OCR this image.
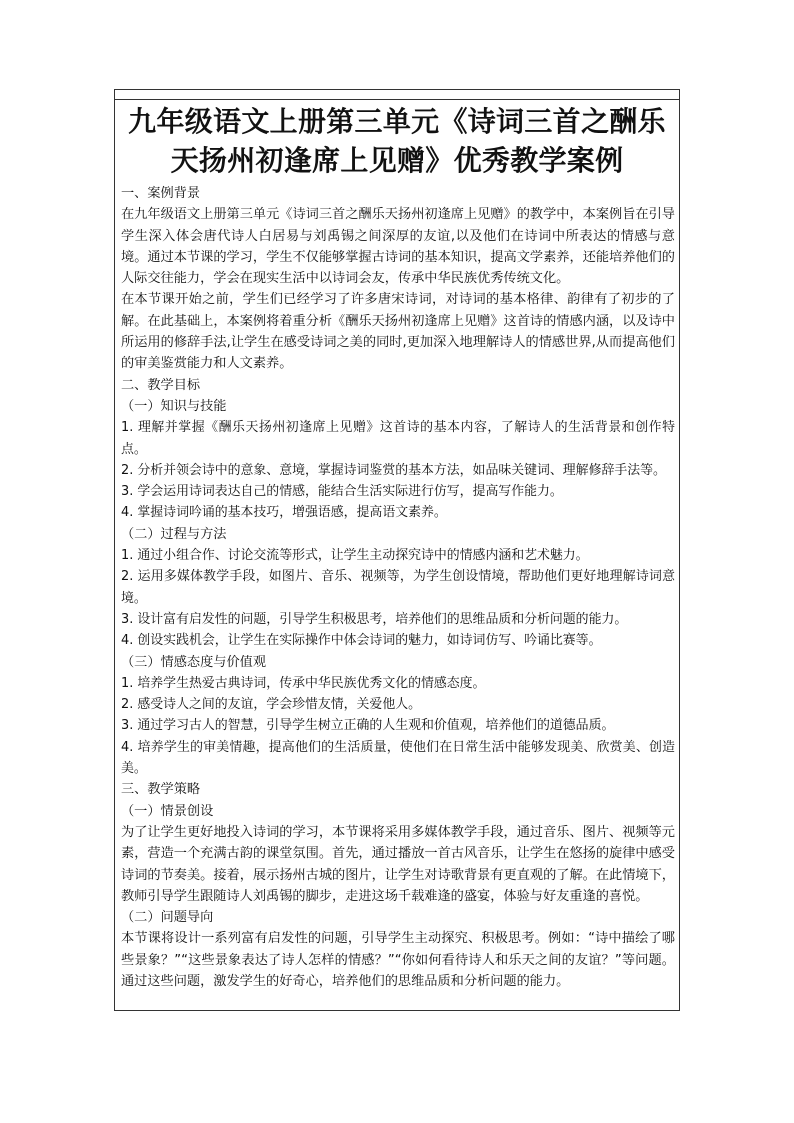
九年级语文上册第三单元《诗词三首之酬乐
天扬州初逢席上见赠》优秀教学案例

一、案例背景

在九年级语文上册第三单元《诗词三首之酬乐天扬州初逢席上见赠》的教学中，本案例旨在引导学生深入体会唐代诗人白居易与刘禹锡之间深厚的友谊,以及他们在诗词中所表达的情感与意境。通过本节课的学习，学生不仅能够掌握古诗词的基本知识，提高文学素养，还能培养他们的人际交往能力，学会在现实生活中以诗词会友，传承中华民族优秀传统文化。

在本节课开始之前，学生们已经学习了许多唐宋诗词，对诗词的基本格律、韵律有了初步的了解。在此基础上，本案例将着重分析《酬乐天扬州初逢席上见赠》这首诗的情感内涵，以及诗中所运用的修辞手法,让学生在感受诗词之美的同时,更加深入地理解诗人的情感世界,从而提高他们的审美鉴赏能力和人文素养。

二、教学目标

（一）知识与技能

1. 理解并掌握《酬乐天扬州初逢席上见赠》这首诗的基本内容，了解诗人的生活背景和创作特点。

2. 分析并领会诗中的意象、意境，掌握诗词鉴赏的基本方法，如品味关键词、理解修辞手法等。

3. 学会运用诗词表达自己的情感，能结合生活实际进行仿写，提高写作能力。

4. 掌握诗词吟诵的基本技巧，增强语感，提高语文素养。

（二）过程与方法

1. 通过小组合作、讨论交流等形式，让学生主动探究诗中的情感内涵和艺术魅力。

2. 运用多媒体教学手段，如图片、音乐、视频等，为学生创设情境，帮助他们更好地理解诗词意境。

3. 设计富有启发性的问题，引导学生积极思考，培养他们的思维品质和分析问题的能力。

4. 创设实践机会，让学生在实际操作中体会诗词的魅力，如诗词仿写、吟诵比赛等。

（三）情感态度与价值观

1. 培养学生热爱古典诗词，传承中华民族优秀文化的情感态度。

2. 感受诗人之间的友谊，学会珍惜友情，关爱他人。

3. 通过学习古人的智慧，引导学生树立正确的人生观和价值观，培养他们的道德品质。

4. 培养学生的审美情趣，提高他们的生活质量，使他们在日常生活中能够发现美、欣赏美、创造美。

三、教学策略

（一）情景创设

为了让学生更好地投入诗词的学习，本节课将采用多媒体教学手段，通过音乐、图片、视频等元素，营造一个充满古韵的课堂氛围。首先，通过播放一首古风音乐，让学生在悠扬的旋律中感受诗词的节奏美。接着，展示扬州古城的图片，让学生对诗歌背景有更直观的了解。在此情境下，教师引导学生跟随诗人刘禹锡的脚步，走进这场千载难逢的盛宴，体验与好友重逢的喜悦。

（二）问题导向

本节课将设计一系列富有启发性的问题，引导学生主动探究、积极思考。例如：“诗中描绘了哪些景象？”“这些景象表达了诗人怎样的情感？”“你如何看待诗人和乐天之间的友谊？”等问题。通过这些问题，激发学生的好奇心，培养他们的思维品质和分析问题的能力。
